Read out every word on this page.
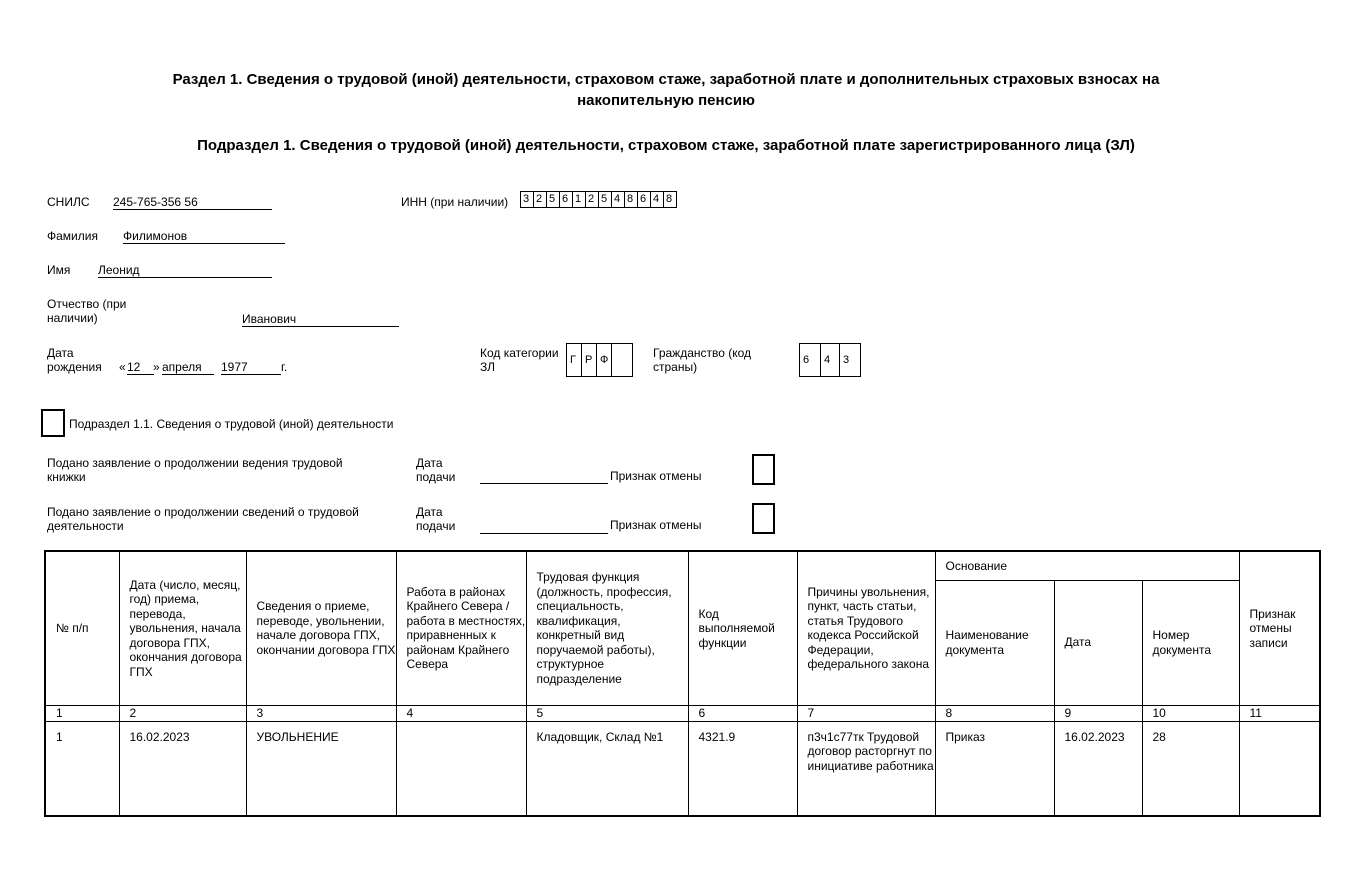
Раздел 1. Сведения о трудовой (иной) деятельности, страховом стаже, заработной плате и дополнительных страховых взносах на
накопительную пенсию
Подраздел 1. Сведения о трудовой (иной) деятельности, страховом стаже, заработной плате зарегистрированного лица (ЗЛ)
СНИЛС 245-765-356 56	ИНН (при наличии) 3 2 5 6 1 2 5 4 8 6 4 8
Фамилия Филимонов
Имя Леонид
Отчество (при
наличии)	Иванович
Дата
рождения « 12	» апреля	1977	г.
Код категории
ЗЛ	Г Р Ф	Гражданство (код
страны)	6	4	3
Подраздел 1.1. Сведения о трудовой (иной) деятельности
Подано заявление о продолжении ведения трудовой
книжки
Дата
подачи	Признак отмены
Подано заявление о продолжении сведений о трудовой
деятельности
Дата
подачи	Признак отмены
№ п/п	Дата (число, месяц, год) приема, перевода, увольнения, начала договора ГПХ, окончания договора ГПХ	Сведения о приеме, переводе, увольнении, начале договора ГПХ, окончании договора ГПХ	Работа в районах Крайнего Севера / работа в местностях, приравненных к районам Крайнего Севера	Трудовая функция (должность, профессия, специальность, квалификация, конкретный вид поручаемой работы), структурное подразделение	Код выполняемой функции	Причины увольнения, пункт, часть статьи, статья Трудового кодекса Российской Федерации, федерального закона	Основание			Признак отмены записи
							Наименование документа	Дата	Номер документа	
1	2	3	4	5	6	7	8	9	10	11
1	16.02.2023	УВОЛЬНЕНИЕ		Кладовщик, Склад №1	4321.9	п3ч1с77тк Трудовой договор расторгнут по инициативе работника	Приказ	16.02.2023	28	
